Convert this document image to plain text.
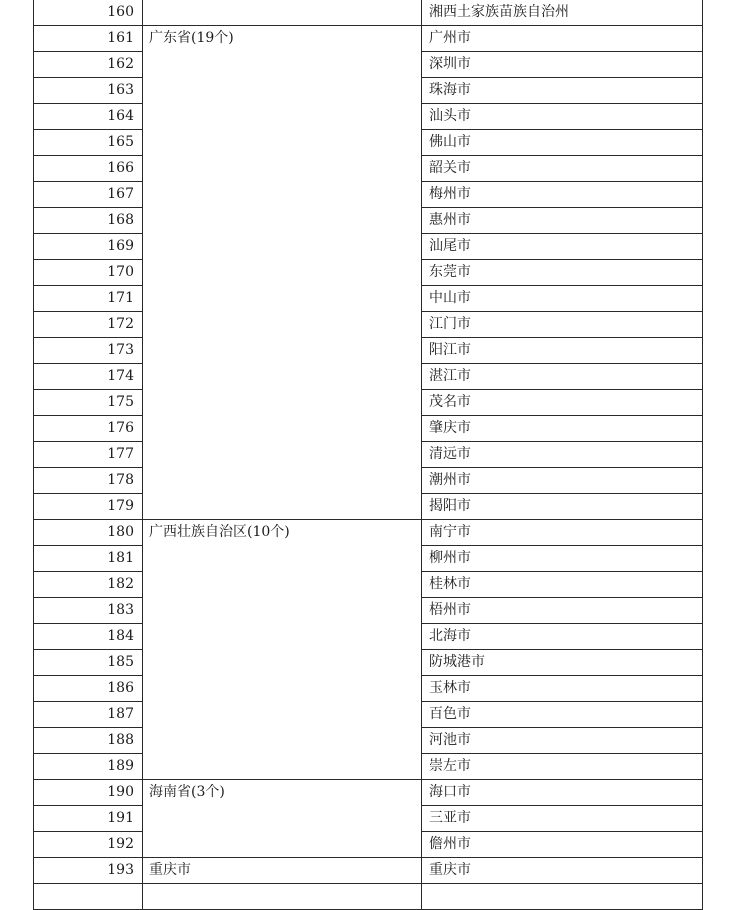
160		湘西土家族苗族自治州
161	广东省(19个)	广州市
162		深圳市
163		珠海市
164		汕头市
165		佛山市
166		韶关市
167		梅州市
168		惠州市
169		汕尾市
170		东莞市
171		中山市
172		江门市
173		阳江市
174		湛江市
175		茂名市
176		肇庆市
177		清远市
178		潮州市
179		揭阳市
180	广西壮族自治区(10个)	南宁市
181		柳州市
182		桂林市
183		梧州市
184		北海市
185		防城港市
186		玉林市
187		百色市
188		河池市
189		崇左市
190	海南省(3个)	海口市
191		三亚市
192		儋州市
193	重庆市	重庆市
